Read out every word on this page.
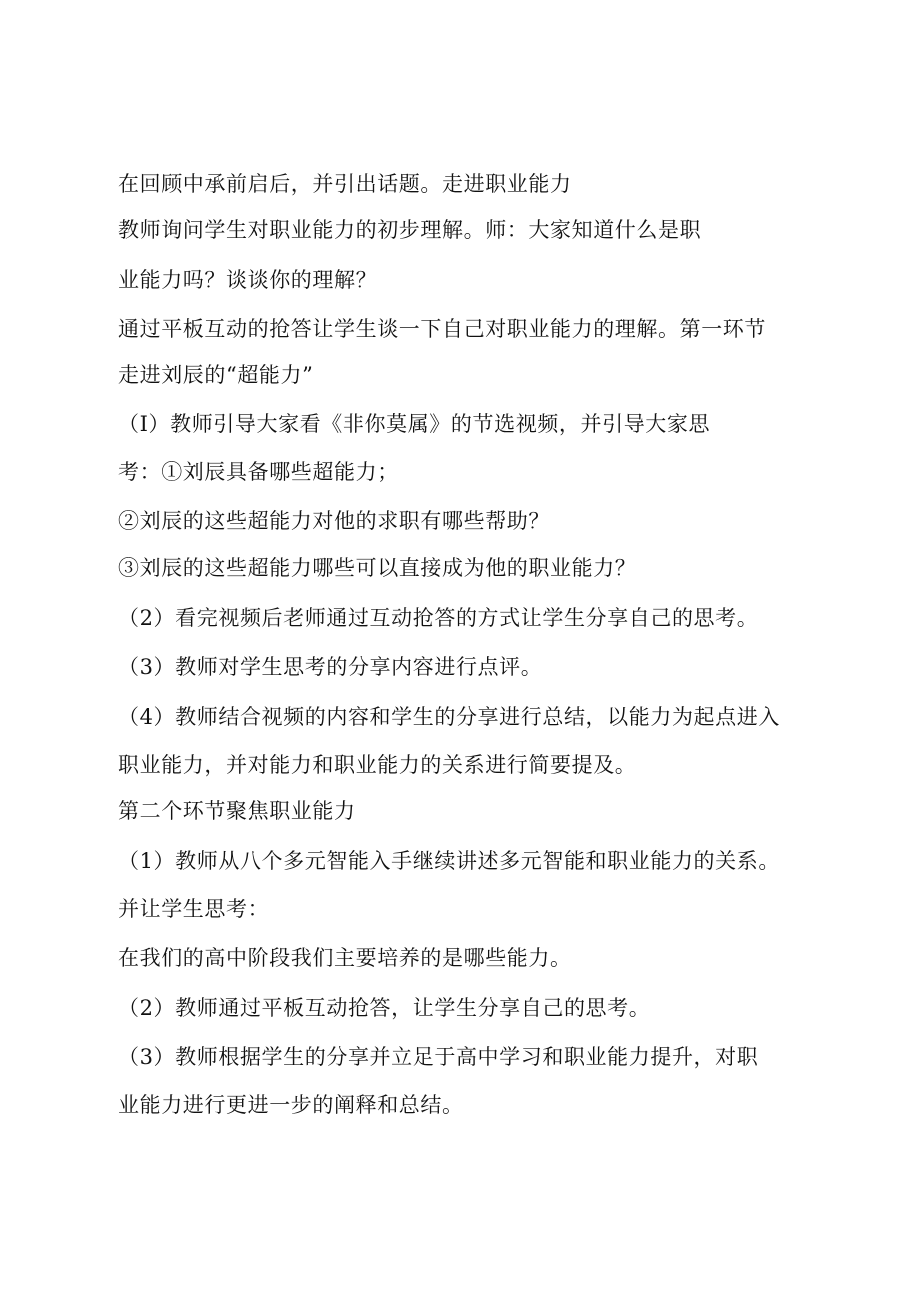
在回顾中承前启后，并引出话题。走进职业能力

教师询问学生对职业能力的初步理解。师：大家知道什么是职

业能力吗？谈谈你的理解？

通过平板互动的抢答让学生谈一下自己对职业能力的理解。第一环节

走进刘辰的“超能力”

（I）教师引导大家看《非你莫属》的节选视频，并引导大家思

考：①刘辰具备哪些超能力；

②刘辰的这些超能力对他的求职有哪些帮助？

③刘辰的这些超能力哪些可以直接成为他的职业能力？

（2）看完视频后老师通过互动抢答的方式让学生分享自己的思考。

（3）教师对学生思考的分享内容进行点评。

（4）教师结合视频的内容和学生的分享进行总结，以能力为起点进入

职业能力，并对能力和职业能力的关系进行简要提及。

第二个环节聚焦职业能力

（1）教师从八个多元智能入手继续讲述多元智能和职业能力的关系。

并让学生思考：

在我们的高中阶段我们主要培养的是哪些能力。

（2）教师通过平板互动抢答，让学生分享自己的思考。

（3）教师根据学生的分享并立足于高中学习和职业能力提升，对职

业能力进行更进一步的阐释和总结。
